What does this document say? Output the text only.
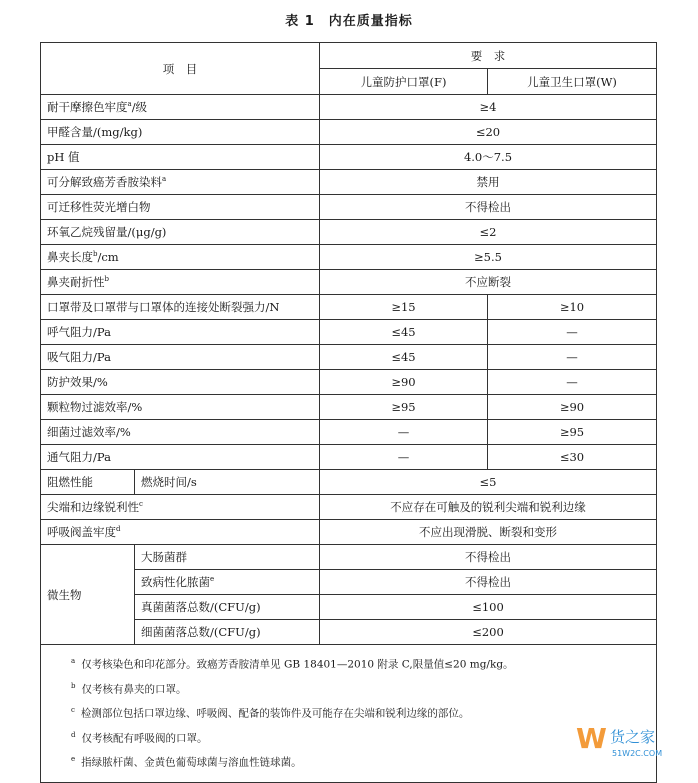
表 1　内在质量指标
项　目		要　求	
		儿童防护口罩(F)	儿童卫生口罩(W)
耐干摩擦色牢度$^a$/级		≥4	
甲醛含量/(mg/kg)		≤20	
pH 值		4.0～7.5	
可分解致癌芳香胺染料$^a$		禁用	
可迁移性荧光增白物		不得检出	
环氧乙烷残留量/(μg/g)		≤2	
鼻夹长度$^b$/cm		≥5.5	
鼻夹耐折性$^b$		不应断裂	
口罩带及口罩带与口罩体的连接处断裂强力/N		≥15	≥10
呼气阻力/Pa		≤45	—
吸气阻力/Pa		≤45	—
防护效果/%		≥90	—
颗粒物过滤效率/%		≥95	≥90
细菌过滤效率/%		—	≥95
通气阻力/Pa		—	≤30
阻燃性能	燃烧时间/s	≤5	
尖端和边缘锐利性$^c$		不应存在可触及的锐利尖端和锐利边缘	
呼吸阀盖牢度$^d$		不应出现滑脱、断裂和变形	
微生物	大肠菌群	不得检出	
	致病性化脓菌$^e$	不得检出	
	真菌菌落总数/(CFU/g)	≤100	
	细菌菌落总数/(CFU/g)	≤200	

$^a$ 仅考核染色和印花部分。致癌芳香胺清单见 GB 18401—2010 附录 C,限量值≤20 mg/kg。
$^b$ 仅考核有鼻夹的口罩。
$^c$ 检测部位包括口罩边缘、呼吸阀、配备的装饰件及可能存在尖端和锐利边缘的部位。
$^d$ 仅考核配有呼吸阀的口罩。
$^e$ 指绿脓杆菌、金黄色葡萄球菌与溶血性链球菌。			
W 货之家
51W2C.COM
